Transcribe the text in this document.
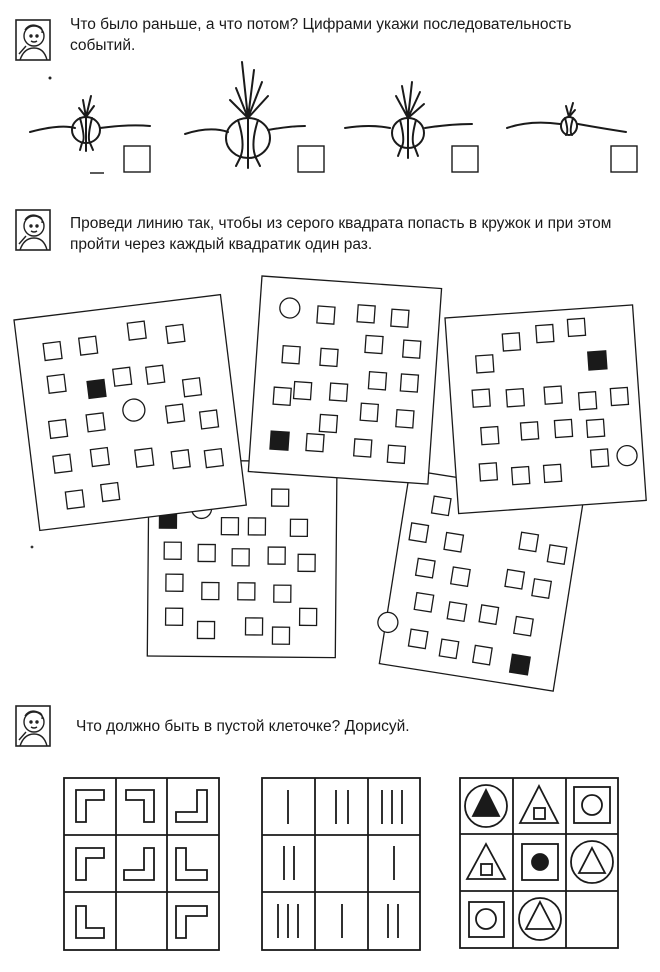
Что было раньше, а что потом? Цифрами укажи последовательность событий.

Проведи линию так, чтобы из серого квадрата попасть в кружок и при этом пройти через каждый квадратик один раз.

Что должно быть в пустой клеточке? Дорисуй.
